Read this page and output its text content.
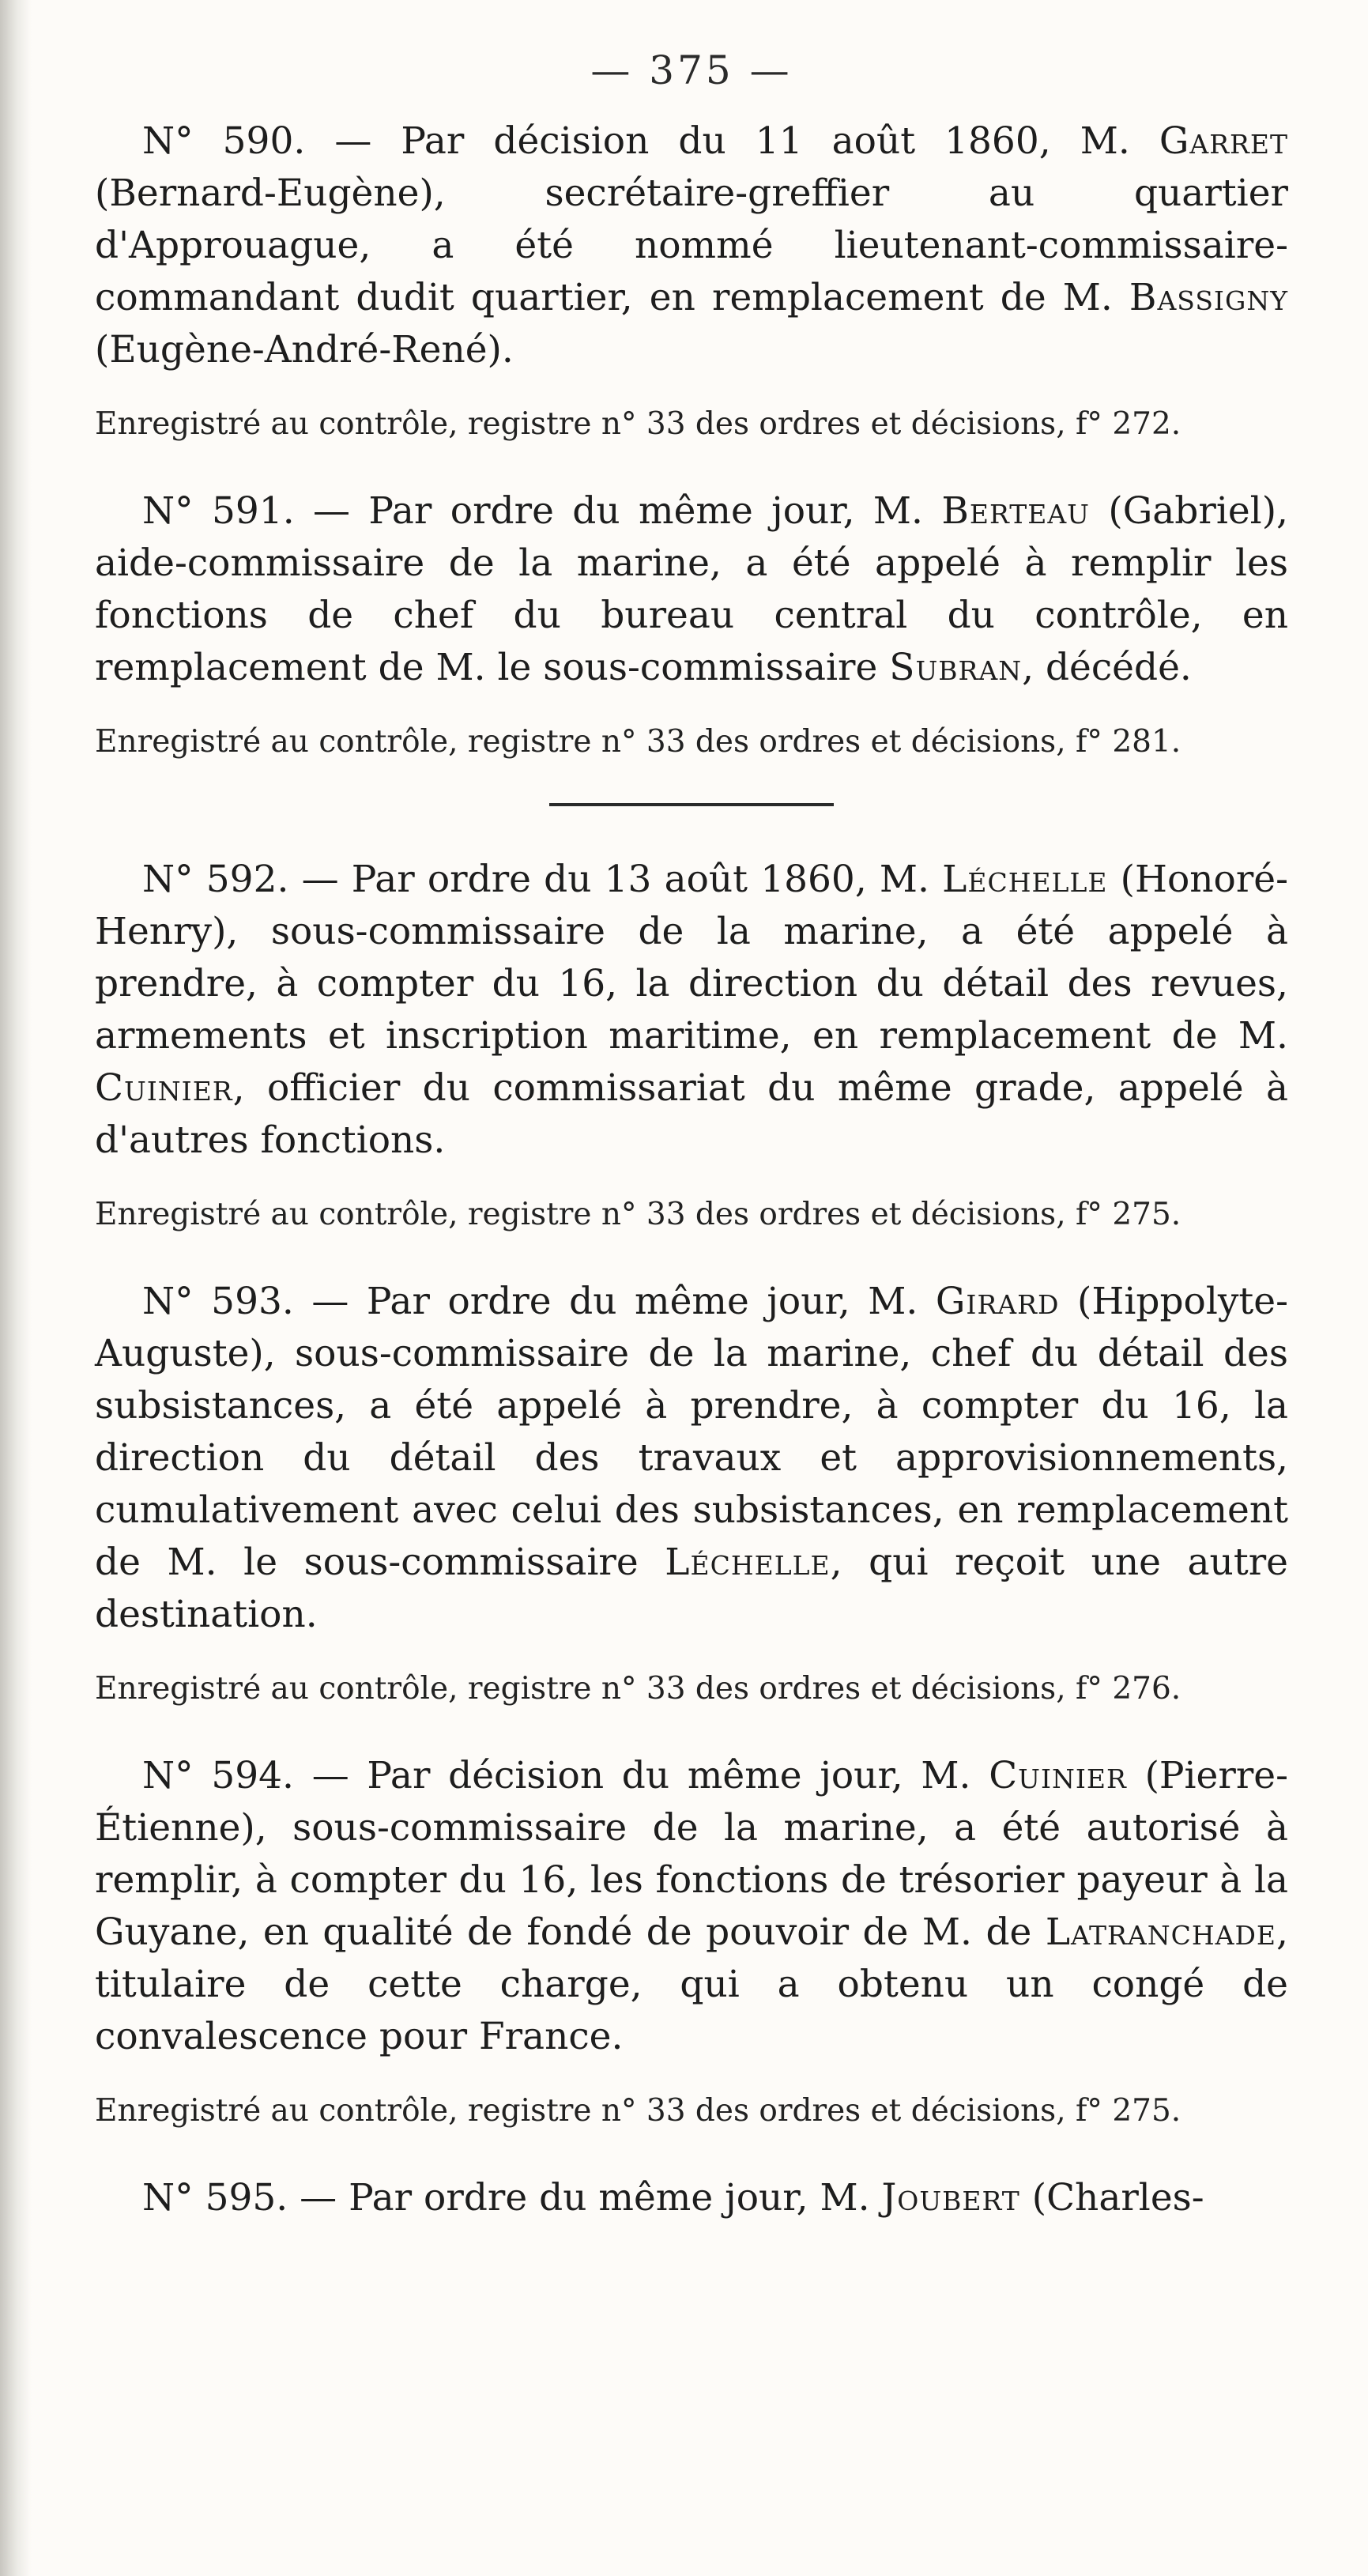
— 375 —

N° 590. — Par décision du 11 août 1860, M. Garret (Bernard-Eugène), secrétaire-greffier au quartier d'Approuague, a été nommé lieutenant-commissaire-commandant dudit quartier, en remplacement de M. Bassigny (Eugène-André-René).

Enregistré au contrôle, registre n° 33 des ordres et décisions, f° 272.

N° 591. — Par ordre du même jour, M. Berteau (Gabriel), aide-commissaire de la marine, a été appelé à remplir les fonctions de chef du bureau central du contrôle, en remplacement de M. le sous-commissaire Subran, décédé.

Enregistré au contrôle, registre n° 33 des ordres et décisions, f° 281.

N° 592. — Par ordre du 13 août 1860, M. Léchelle (Honoré-Henry), sous-commissaire de la marine, a été appelé à prendre, à compter du 16, la direction du détail des revues, armements et inscription maritime, en remplacement de M. Cuinier, officier du commissariat du même grade, appelé à d'autres fonctions.

Enregistré au contrôle, registre n° 33 des ordres et décisions, f° 275.

N° 593. — Par ordre du même jour, M. Girard (Hippolyte-Auguste), sous-commissaire de la marine, chef du détail des subsistances, a été appelé à prendre, à compter du 16, la direction du détail des travaux et approvisionnements, cumulativement avec celui des subsistances, en remplacement de M. le sous-commissaire Léchelle, qui reçoit une autre destination.

Enregistré au contrôle, registre n° 33 des ordres et décisions, f° 276.

N° 594. — Par décision du même jour, M. Cuinier (Pierre-Étienne), sous-commissaire de la marine, a été autorisé à remplir, à compter du 16, les fonctions de trésorier payeur à la Guyane, en qualité de fondé de pouvoir de M. de Latranchade, titulaire de cette charge, qui a obtenu un congé de convalescence pour France.

Enregistré au contrôle, registre n° 33 des ordres et décisions, f° 275.

N° 595. — Par ordre du même jour, M. Joubert (Charles-
